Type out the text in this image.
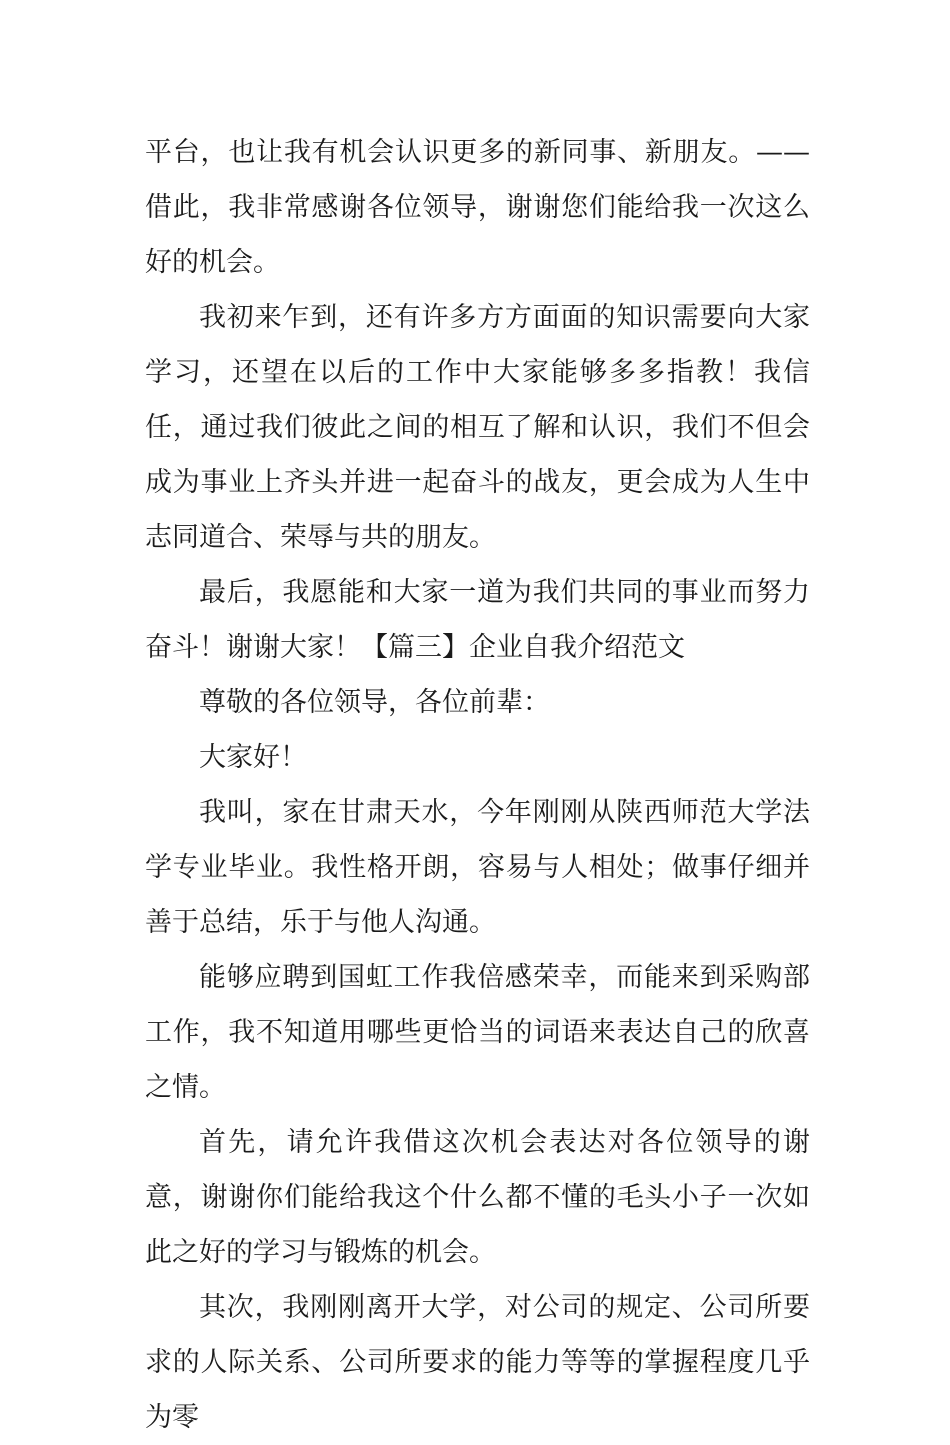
平台，也让我有机会认识更多的新同事、新朋友。——借此，我非常感谢各位领导，谢谢您们能给我一次这么好的机会。

我初来乍到，还有许多方方面面的知识需要向大家学习，还望在以后的工作中大家能够多多指教！我信任，通过我们彼此之间的相互了解和认识，我们不但会成为事业上齐头并进一起奋斗的战友，更会成为人生中志同道合、荣辱与共的朋友。

最后，我愿能和大家一道为我们共同的事业而努力奋斗！谢谢大家！【篇三】企业自我介绍范文

尊敬的各位领导，各位前辈：

大家好！

我叫，家在甘肃天水，今年刚刚从陕西师范大学法学专业毕业。我性格开朗，容易与人相处；做事仔细并善于总结，乐于与他人沟通。

能够应聘到国虹工作我倍感荣幸，而能来到采购部工作，我不知道用哪些更恰当的词语来表达自己的欣喜之情。

首先，请允许我借这次机会表达对各位领导的谢意，谢谢你们能给我这个什么都不懂的毛头小子一次如此之好的学习与锻炼的机会。

其次，我刚刚离开大学，对公司的规定、公司所要求的人际关系、公司所要求的能力等等的掌握程度几乎为零
